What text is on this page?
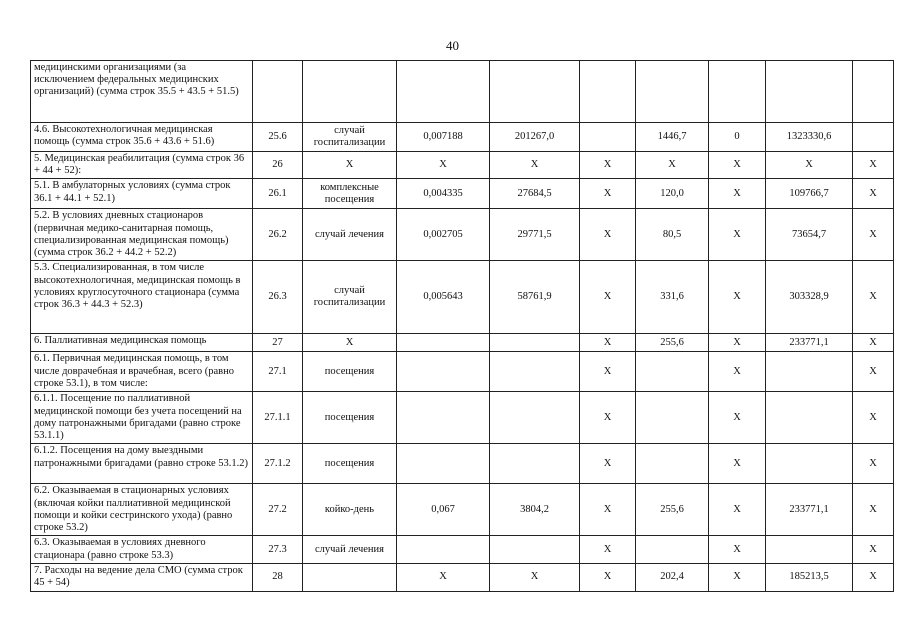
40
медицинскими организациями (за исключением федеральных медицинских организаций) (сумма строк 35.5 + 43.5 + 51.5)									
4.6. Высокотехнологичная медицинская помощь (сумма строк 35.6 + 43.6 + 51.6)	25.6	случай госпитализации	0,007188	201267,0		1446,7	0	1323330,6	
5. Медицинская реабилитация (сумма строк 36 + 44 + 52):	26	X	X	X	X	X	X	X	X
5.1. В амбулаторных условиях (сумма строк 36.1 + 44.1 + 52.1)	26.1	комплексные посещения	0,004335	27684,5	X	120,0	X	109766,7	X
5.2. В условиях дневных стационаров (первичная медико-санитарная помощь, специализированная медицинская помощь) (сумма строк 36.2 + 44.2 + 52.2)	26.2	случай лечения	0,002705	29771,5	X	80,5	X	73654,7	X
5.3. Специализированная, в том числе высокотехнологичная, медицинская помощь в условиях круглосуточного стационара (сумма строк 36.3 + 44.3 + 52.3)	26.3	случай госпитализации	0,005643	58761,9	X	331,6	X	303328,9	X
6. Паллиативная медицинская помощь	27	X			X	255,6	X	233771,1	X
6.1. Первичная медицинская помощь, в том числе доврачебная и врачебная, всего (равно строке 53.1), в том числе:	27.1	посещения			X		X		X
6.1.1. Посещение по паллиативной медицинской помощи без учета посещений на дому патронажными бригадами (равно строке 53.1.1)	27.1.1	посещения			X		X		X
6.1.2. Посещения на дому выездными патронажными бригадами (равно строке 53.1.2)	27.1.2	посещения			X		X		X
6.2. Оказываемая в стационарных условиях (включая койки паллиативной медицинской помощи и койки сестринского ухода) (равно строке 53.2)	27.2	койко-день	0,067	3804,2	X	255,6	X	233771,1	X
6.3. Оказываемая в условиях дневного стационара (равно строке 53.3)	27.3	случай лечения			X		X		X
7. Расходы на ведение дела СМО (сумма строк 45 + 54)	28		X	X	X	202,4	X	185213,5	X
